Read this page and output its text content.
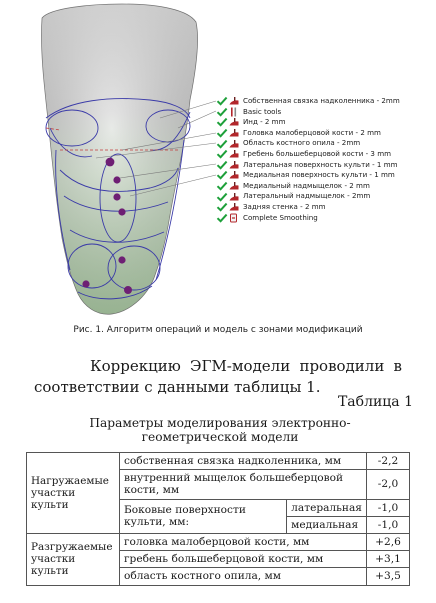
Собственная связка надколенника - 2mm
Basic tools
Инд - 2 mm
Головка малоберцовой кости - 2 mm
Область костного опила - 2mm
Гребень большеберцовой кости - 3 mm
Латеральная поверхность культи - 1 mm
Медиальная поверхность культи - 1 mm
Медиальный надмыщелок - 2 mm
Латеральный надмыщелок - 2mm
Задняя стенка - 2 mm
Complete Smoothing
Рис. 1. Алгоритм операций и модель с зонами модификаций
Коррекцию ЭГМ-модели проводили в соответствии с данными таблицы 1.
Таблица 1
Параметры моделирования электронно-геометрической модели
Нагружаемые участки культи	собственная связка надколенника, мм		-2,2
	внутренний мыщелок большеберцовой кости, мм		-2,0
	Боковые поверхности культи, мм:	латеральная	-1,0
		медиальная	-1,0
Разгружаемые участки культи	головка малоберцовой кости, мм		+2,6
	гребень большеберцовой кости, мм		+3,1
	область костного опила, мм		+3,5
